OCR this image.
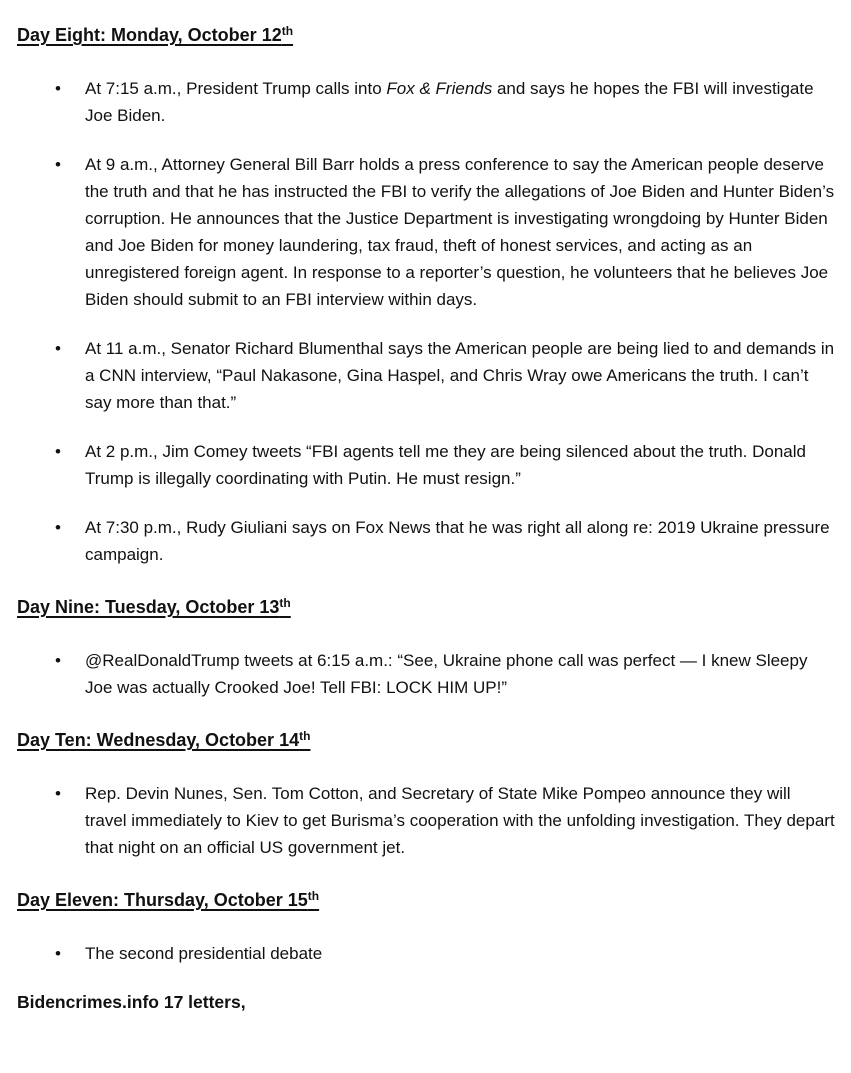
Day Eight: Monday, October 12th
•	At 7:15 a.m., President Trump calls into Fox & Friends and says he hopes the FBI will investigate Joe Biden.
•	At 9 a.m., Attorney General Bill Barr holds a press conference to say the American people deserve the truth and that he has instructed the FBI to verify the allegations of Joe Biden and Hunter Biden’s corruption. He announces that the Justice Department is investigating wrongdoing by Hunter Biden and Joe Biden for money laundering, tax fraud, theft of honest services, and acting as an unregistered foreign agent. In response to a reporter’s question, he volunteers that he believes Joe Biden should submit to an FBI interview within days.
•	At 11 a.m., Senator Richard Blumenthal says the American people are being lied to and demands in a CNN interview, “Paul Nakasone, Gina Haspel, and Chris Wray owe Americans the truth. I can’t say more than that.”
•	At 2 p.m., Jim Comey tweets “FBI agents tell me they are being silenced about the truth. Donald Trump is illegally coordinating with Putin. He must resign.”
•	At 7:30 p.m., Rudy Giuliani says on Fox News that he was right all along re: 2019 Ukraine pressure campaign.
Day Nine: Tuesday, October 13th
•	@RealDonaldTrump tweets at 6:15 a.m.: “See, Ukraine phone call was perfect — I knew Sleepy Joe was actually Crooked Joe! Tell FBI: LOCK HIM UP!”
Day Ten: Wednesday, October 14th
•	Rep. Devin Nunes, Sen. Tom Cotton, and Secretary of State Mike Pompeo announce they will travel immediately to Kiev to get Burisma’s cooperation with the unfolding investigation. They depart that night on an official US government jet.
Day Eleven: Thursday, October 15th
•	The second presidential debate
Bidencrimes.info 17 letters,
